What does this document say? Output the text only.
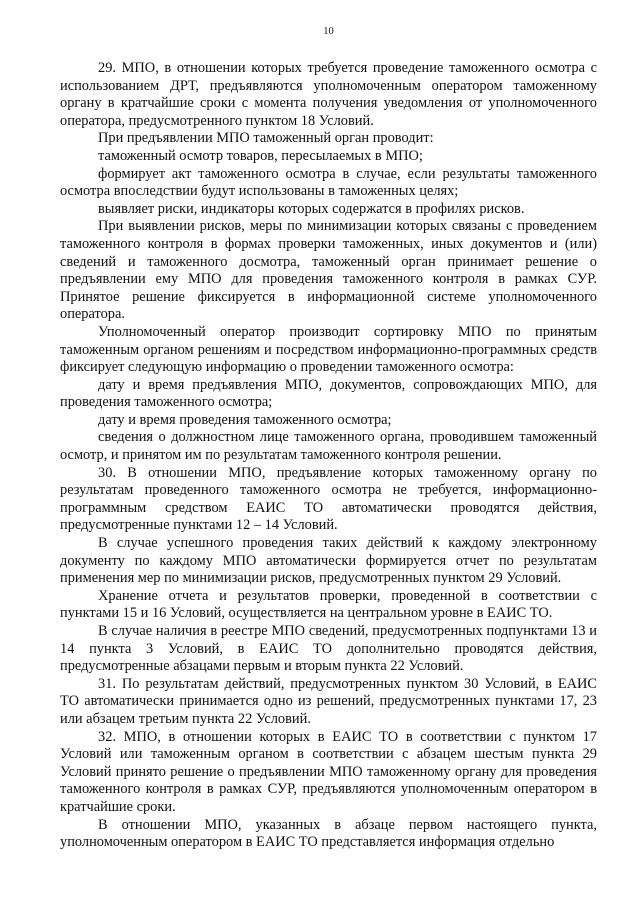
10

29. МПО, в отношении которых требуется проведение таможенного осмотра с использованием ДРТ, предъявляются уполномоченным оператором таможенному органу в кратчайшие сроки с момента получения уведомления от уполномоченного оператора, предусмотренного пунктом 18 Условий.

При предъявлении МПО таможенный орган проводит:

таможенный осмотр товаров, пересылаемых в МПО;

формирует акт таможенного осмотра в случае, если результаты таможенного осмотра впоследствии будут использованы в таможенных целях;

выявляет риски, индикаторы которых содержатся в профилях рисков.

При выявлении рисков, меры по минимизации которых связаны с проведением таможенного контроля в формах проверки таможенных, иных документов и (или) сведений и таможенного досмотра, таможенный орган принимает решение о предъявлении ему МПО для проведения таможенного контроля в рамках СУР. Принятое решение фиксируется в информационной системе уполномоченного оператора.

Уполномоченный оператор производит сортировку МПО по принятым таможенным органом решениям и посредством информационно-программных средств фиксирует следующую информацию о проведении таможенного осмотра:

дату и время предъявления МПО, документов, сопровождающих МПО, для проведения таможенного осмотра;

дату и время проведения таможенного осмотра;

сведения о должностном лице таможенного органа, проводившем таможенный осмотр, и принятом им по результатам таможенного контроля решении.

30. В отношении МПО, предъявление которых таможенному органу по результатам проведенного таможенного осмотра не требуется, информационно-программным средством ЕАИС ТО автоматически проводятся действия, предусмотренные пунктами 12 – 14 Условий.

В случае успешного проведения таких действий к каждому электронному документу по каждому МПО автоматически формируется отчет по результатам применения мер по минимизации рисков, предусмотренных пунктом 29 Условий.

Хранение отчета и результатов проверки, проведенной в соответствии с пунктами 15 и 16 Условий, осуществляется на центральном уровне в ЕАИС ТО.

В случае наличия в реестре МПО сведений, предусмотренных подпунктами 13 и 14 пункта 3 Условий, в ЕАИС ТО дополнительно проводятся действия, предусмотренные абзацами первым и вторым пункта 22 Условий.

31. По результатам действий, предусмотренных пунктом 30 Условий, в ЕАИС ТО автоматически принимается одно из решений, предусмотренных пунктами 17, 23 или абзацем третьим пункта 22 Условий.

32. МПО, в отношении которых в ЕАИС ТО в соответствии с пунктом 17 Условий или таможенным органом в соответствии с абзацем шестым пункта 29 Условий принято решение о предъявлении МПО таможенному органу для проведения таможенного контроля в рамках СУР, предъявляются уполномоченным оператором в кратчайшие сроки.

В отношении МПО, указанных в абзаце первом настоящего пункта, уполномоченным оператором в ЕАИС ТО представляется информация отдельно
